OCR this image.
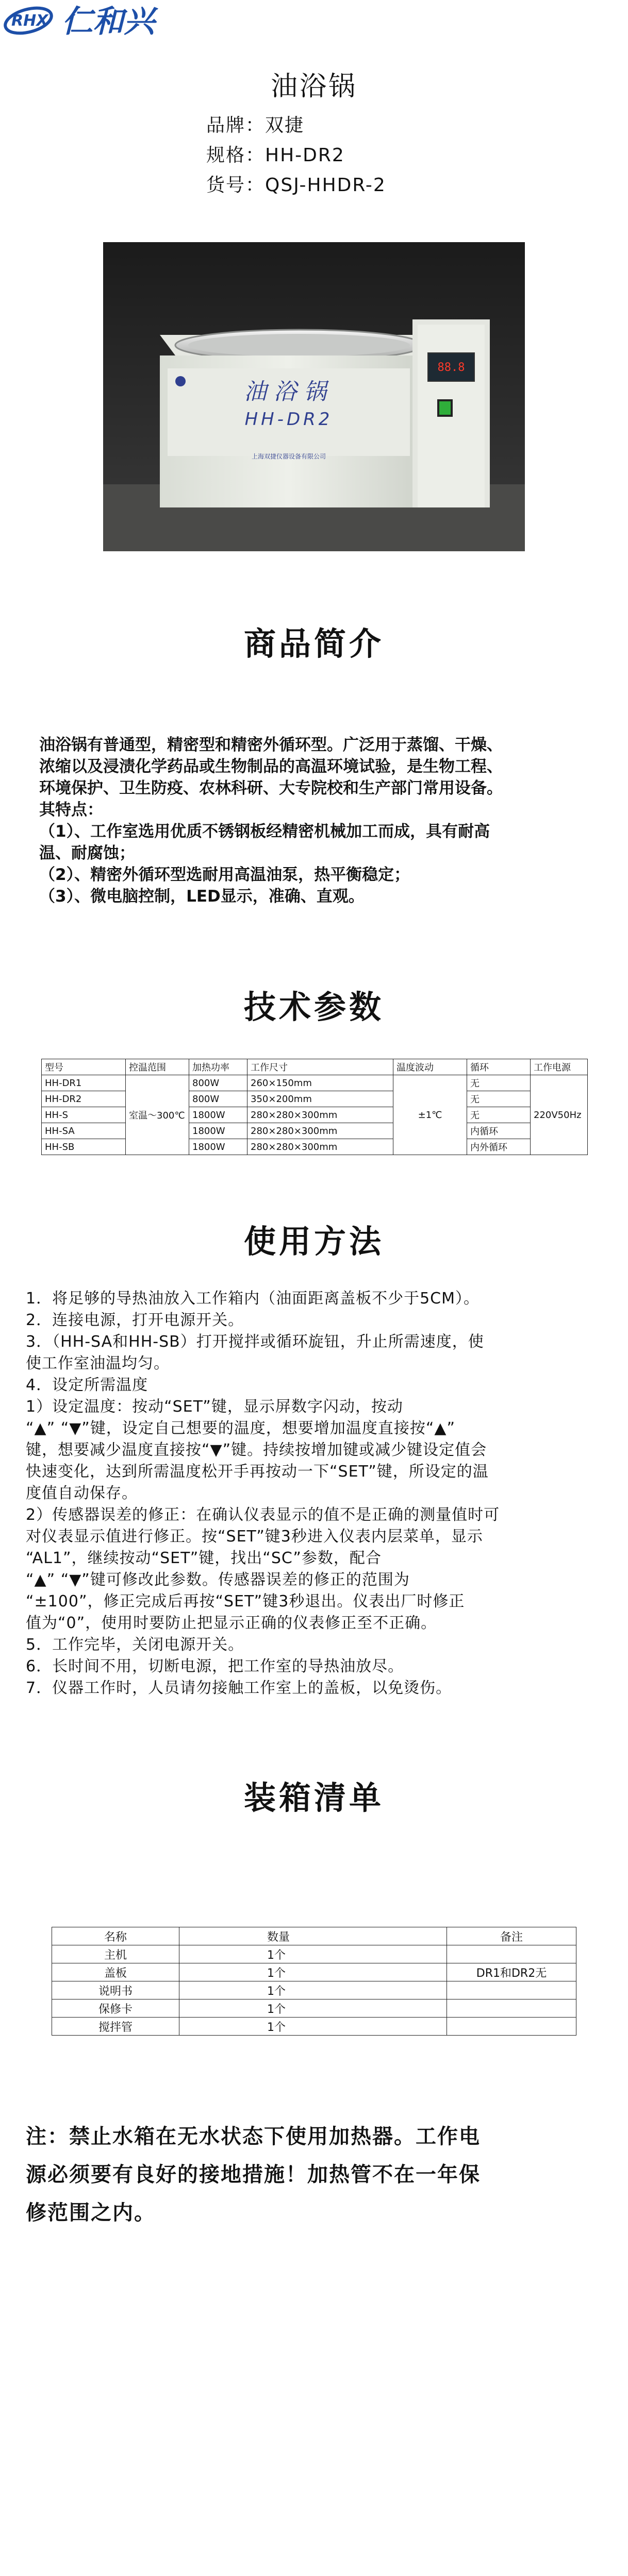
RHX 仁和兴
油浴锅
品牌：双捷
规格：HH-DR2
货号：QSJ-HHDR-2
88.8
油浴锅
HH-DR2
上海双捷仪器设备有限公司
商品简介
油浴锅有普通型，精密型和精密外循环型。广泛用于蒸馏、干燥、
浓缩以及浸渍化学药品或生物制品的高温环境试验，是生物工程、
环境保护、卫生防疫、农林科研、大专院校和生产部门常用设备。
其特点：
（1）、工作室选用优质不锈钢板经精密机械加工而成，具有耐高
温、耐腐蚀；
（2）、精密外循环型选耐用高温油泵，热平衡稳定；
（3）、微电脑控制，LED显示，准确、直观。
技术参数
型号	控温范围	加热功率	工作尺寸	温度波动	循环	工作电源
HH-DR1	室温～300℃	800W	260×150mm	±1℃	无	220V50Hz
HH-DR2		800W	350×200mm		无	
HH-S		1800W	280×280×300mm		无	
HH-SA		1800W	280×280×300mm		内循环	
HH-SB		1800W	280×280×300mm		内外循环	
使用方法
1．将足够的导热油放入工作箱内（油面距离盖板不少于5CM）。
2．连接电源，打开电源开关。
3．（HH-SA和HH-SB）打开搅拌或循环旋钮，升止所需速度，使
使工作室油温均匀。
4．设定所需温度
1）设定温度：按动“SET”键，显示屏数字闪动，按动
“▲” “▼”键，设定自己想要的温度，想要增加温度直接按“▲”
键，想要减少温度直接按“▼”键。持续按增加键或减少键设定值会
快速变化，达到所需温度松开手再按动一下“SET”键，所设定的温
度值自动保存。
2）传感器误差的修正：在确认仪表显示的值不是正确的测量值时可
对仪表显示值进行修正。按“SET”键3秒进入仪表内层菜单，显示
“AL1”，继续按动“SET”键，找出“SC”参数，配合
“▲” “▼”键可修改此参数。传感器误差的修正的范围为
“±100”，修正完成后再按“SET”键3秒退出。仪表出厂时修正
值为“0”，使用时要防止把显示正确的仪表修正至不正确。
5．工作完毕，关闭电源开关。
6．长时间不用，切断电源，把工作室的导热油放尽。
7．仪器工作时，人员请勿接触工作室上的盖板，以免烫伤。
装箱清单
名称	数量	备注
主机	1个	
盖板	1个	DR1和DR2无
说明书	1个	
保修卡	1个	
搅拌管	1个	
注：禁止水箱在无水状态下使用加热器。工作电
源必须要有良好的接地措施！加热管不在一年保
修范围之内。
